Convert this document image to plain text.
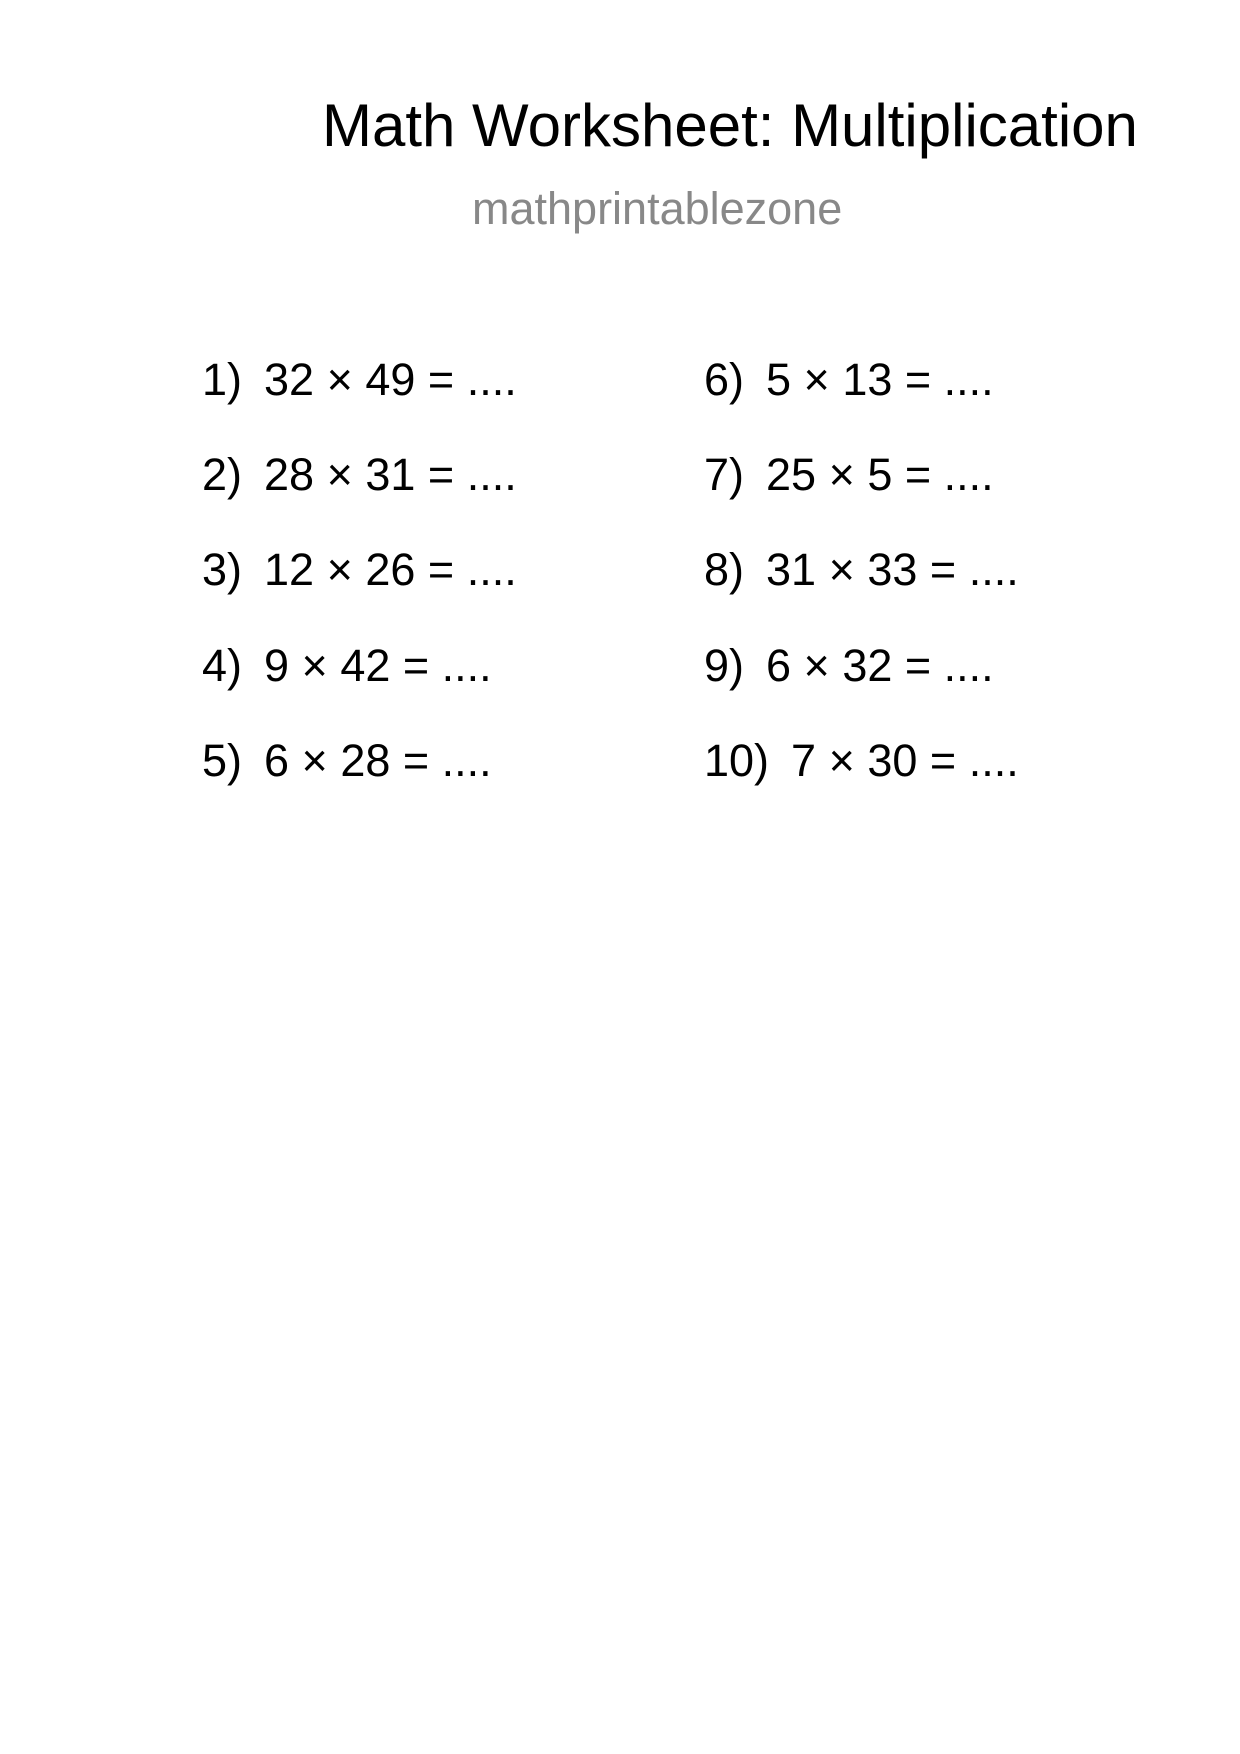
Math Worksheet: Multiplication
mathprintablezone
1) 32 × 49 = ....
2) 28 × 31 = ....
3) 12 × 26 = ....
4) 9 × 42 = ....
5) 6 × 28 = ....
6) 5 × 13 = ....
7) 25 × 5 = ....
8) 31 × 33 = ....
9) 6 × 32 = ....
10) 7 × 30 = ....
